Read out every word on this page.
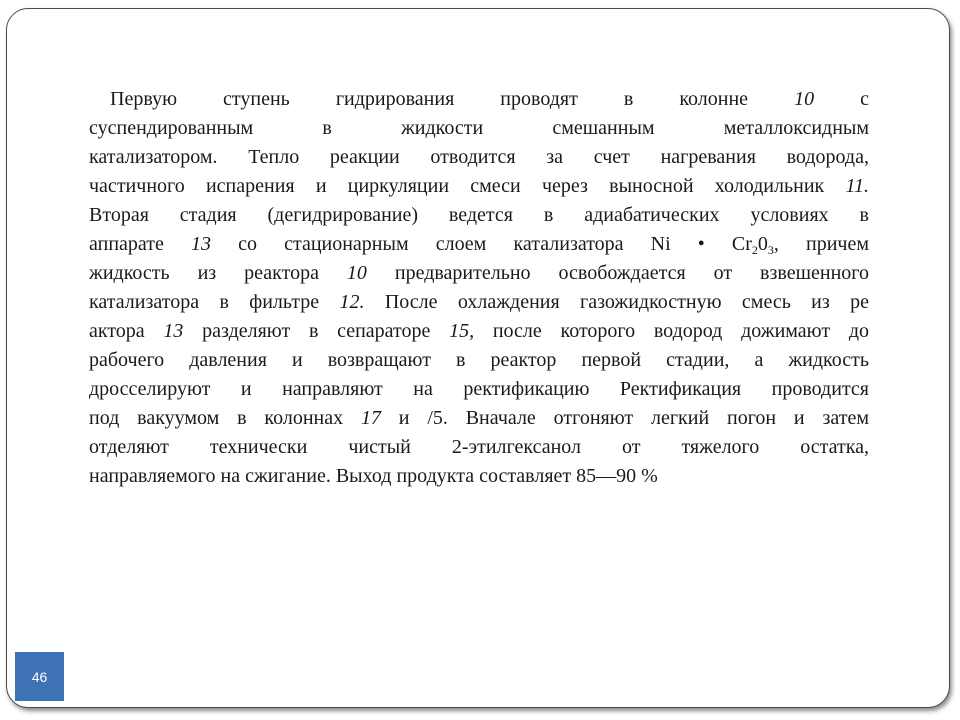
Первую ступень гидрирования проводят в колонне 10 с
суспендированным в жидкости смешанным металлоксидным
катализатором. Тепло реакции отводится за счет нагревания водорода,
частичного испарения и циркуляции смеси через выносной холодильник 11.
Вторая стадия (дегидрирование) ведется в адиабатических условиях в
аппарате 13 со стационарным слоем катализатора Ni • $Cr_20_3$, причем
жидкость из реактора 10 предварительно освобождается от взвешенного
катализатора в фильтре 12. После охлаждения газожидкостную смесь из ре
актора 13 разделяют в сепараторе 15, после которого водород дожимают до
рабочего давления и возвращают в реактор первой стадии, а жидкость
дросселируют и направляют на ректификацию Ректификация проводится
под вакуумом в колоннах 17 и /5. Вначале отгоняют легкий погон и затем
отделяют технически чистый 2-этилгексанол от тяжелого остатка,
направляемого на сжигание. Выход продукта составляет 85—90 %
46
